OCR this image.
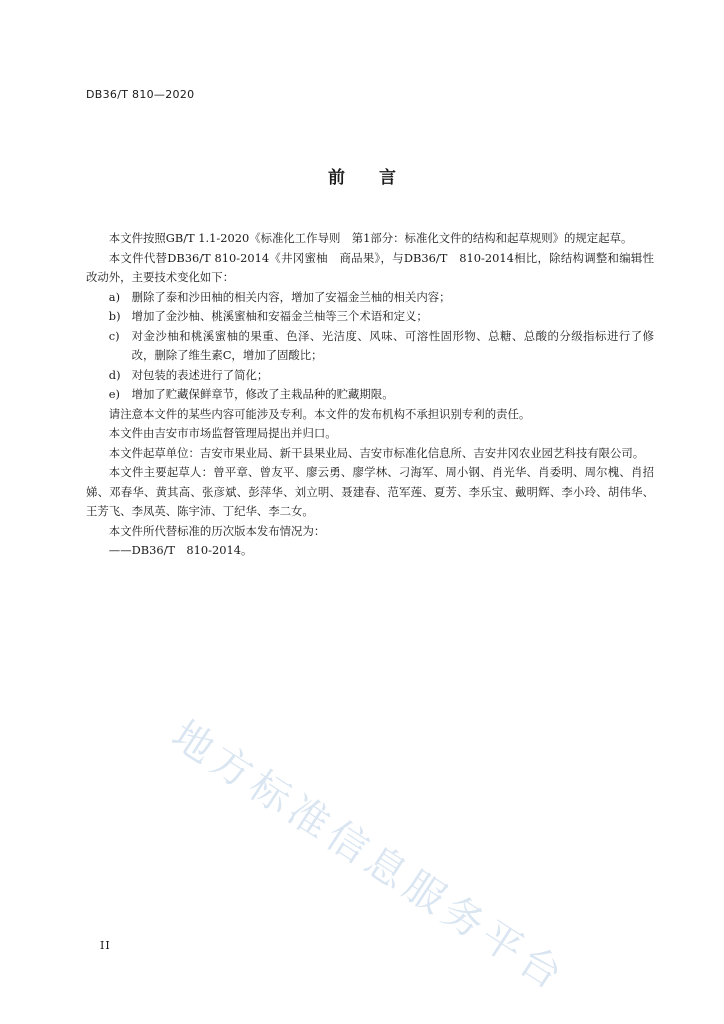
DB36/T 810—2020
前　　言

本文件按照GB/T 1.1-2020《标准化工作导则　第1部分：标准化文件的结构和起草规则》的规定起草。

本文件代替DB36/T 810-2014《井冈蜜柚　商品果》，与DB36/T　810-2014相比，除结构调整和编辑性改动外，主要技术变化如下：

a)	删除了泰和沙田柚的相关内容，增加了安福金兰柚的相关内容；
b) 增加了金沙柚、桃溪蜜柚和安福金兰柚等三个术语和定义；
c)	对金沙柚和桃溪蜜柚的果重、色泽、光洁度、风味、可溶性固形物、总糖、总酸的分级指标进行了修改，删除了维生素C，增加了固酸比；
d) 对包装的表述进行了简化；
e)	增加了贮藏保鲜章节，修改了主栽品种的贮藏期限。

请注意本文件的某些内容可能涉及专利。本文件的发布机构不承担识别专利的责任。

本文件由吉安市市场监督管理局提出并归口。

本文件起草单位：吉安市果业局、新干县果业局、吉安市标准化信息所、吉安井冈农业园艺科技有限公司。

本文件主要起草人：曾平章、曾友平、廖云勇、廖学林、刁海军、周小钢、肖光华、肖委明、周尔槐、肖招娣、邓春华、黄其高、张彦斌、彭萍华、刘立明、聂建春、范军莲、夏芳、李乐宝、戴明辉、李小玲、胡伟华、王芳飞、李凤英、陈宇沛、丁纪华、李二女。

本文件所代替标准的历次版本发布情况为：

——DB36/T　810-2014。

地方标准信息服务平台
II
